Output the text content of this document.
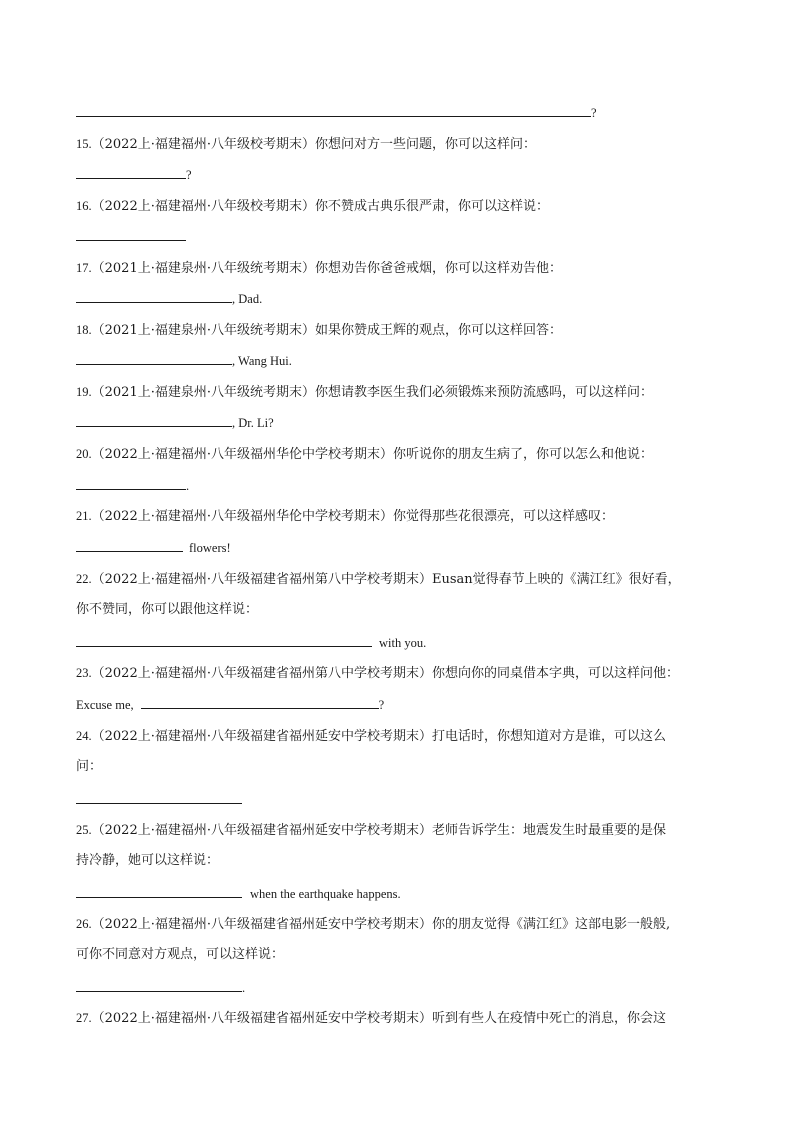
?
15.（2022上·福建福州·八年级校考期末）你想问对方一些问题，你可以这样问：
?
16.（2022上·福建福州·八年级校考期末）你不赞成古典乐很严肃，你可以这样说：
17.（2021上·福建泉州·八年级统考期末）你想劝告你爸爸戒烟，你可以这样劝告他：
, Dad.
18.（2021上·福建泉州·八年级统考期末）如果你赞成王辉的观点，你可以这样回答：
, Wang Hui.
19.（2021上·福建泉州·八年级统考期末）你想请教李医生我们必须锻炼来预防流感吗，可以这样问：
, Dr. Li?
20.（2022上·福建福州·八年级福州华伦中学校考期末）你听说你的朋友生病了，你可以怎么和他说：
.
21.（2022上·福建福州·八年级福州华伦中学校考期末）你觉得那些花很漂亮，可以这样感叹：
flowers!
22.（2022上·福建福州·八年级福建省福州第八中学校考期末）Eusan觉得春节上映的《满江红》很好看，
你不赞同，你可以跟他这样说：
with you.
23.（2022上·福建福州·八年级福建省福州第八中学校考期末）你想向你的同桌借本字典，可以这样问他：
Excuse me,	?
24.（2022上·福建福州·八年级福建省福州延安中学校考期末）打电话时，你想知道对方是谁，可以这么
问：
25.（2022上·福建福州·八年级福建省福州延安中学校考期末）老师告诉学生：地震发生时最重要的是保
持冷静，她可以这样说：
when the earthquake happens.
26.（2022上·福建福州·八年级福建省福州延安中学校考期末）你的朋友觉得《满江红》这部电影一般般,
可你不同意对方观点，可以这样说：
.
27.（2022上·福建福州·八年级福建省福州延安中学校考期末）听到有些人在疫情中死亡的消息，你会这
